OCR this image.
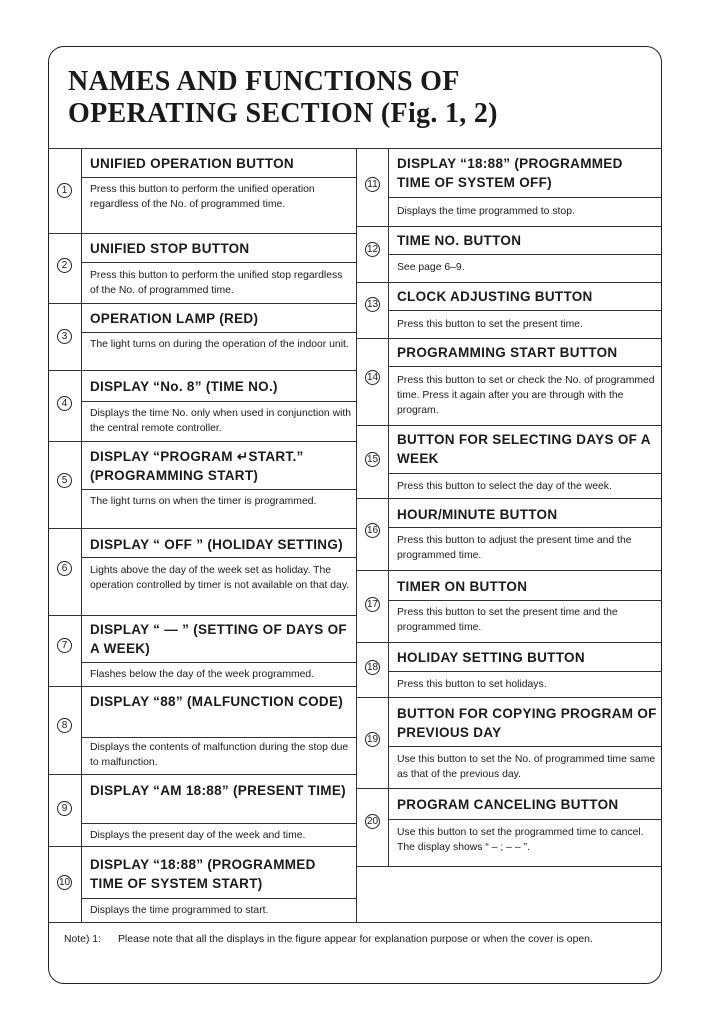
NAMES AND FUNCTIONS OF
OPERATING SECTION (Fig. 1, 2)
1

UNIFIED OPERATION BUTTON

Press this button to perform the unified operation regardless of the No. of programmed time.

2

UNIFIED STOP BUTTON

Press this button to perform the unified stop regardless of the No. of programmed time.

3

OPERATION LAMP (RED)

The light turns on during the operation of the indoor unit.

4

DISPLAY “No. 8” (TIME NO.)

Displays the time No. only when used in conjunction with the central remote controller.

5

DISPLAY “PROGRAM ↵START.” (PROGRAMMING START)

The light turns on when the timer is programmed.

6

DISPLAY “ OFF ” (HOLIDAY SETTING)

Lights above the day of the week set as holiday. The operation controlled by timer is not available on that day.

7

DISPLAY “ — ” (SETTING OF DAYS OF A WEEK)

Flashes below the day of the week programmed.

8

DISPLAY “88” (MALFUNCTION CODE)

Displays the contents of malfunction during the stop due to malfunction.

9

DISPLAY “AM 18:88” (PRESENT TIME)

Displays the present day of the week and time.

10

DISPLAY “18:88” (PROGRAMMED TIME OF SYSTEM START)

Displays the time programmed to start.

11

DISPLAY “18:88” (PROGRAMMED TIME OF SYSTEM OFF)

Displays the time programmed to stop.

12

TIME NO. BUTTON

See page 6–9.

13

CLOCK ADJUSTING BUTTON

Press this button to set the present time.

14

PROGRAMMING START BUTTON

Press this button to set or check the No. of programmed time. Press it again after you are through with the program.

15

BUTTON FOR SELECTING DAYS OF A WEEK

Press this button to select the day of the week.

16

HOUR/MINUTE BUTTON

Press this button to adjust the present time and the programmed time.

17

TIMER ON BUTTON

Press this button to set the present time and the programmed time.

18

HOLIDAY SETTING BUTTON

Press this button to set holidays.

19

BUTTON FOR COPYING PROGRAM OF PREVIOUS DAY

Use this button to set the No. of programmed time same as that of the previous day.

20

PROGRAM CANCELING BUTTON

Use this button to set the programmed time to cancel. The display shows “ – ; – – ”.

Note) 1: Please note that all the displays in the figure appear for explanation purpose or when the cover is open.
